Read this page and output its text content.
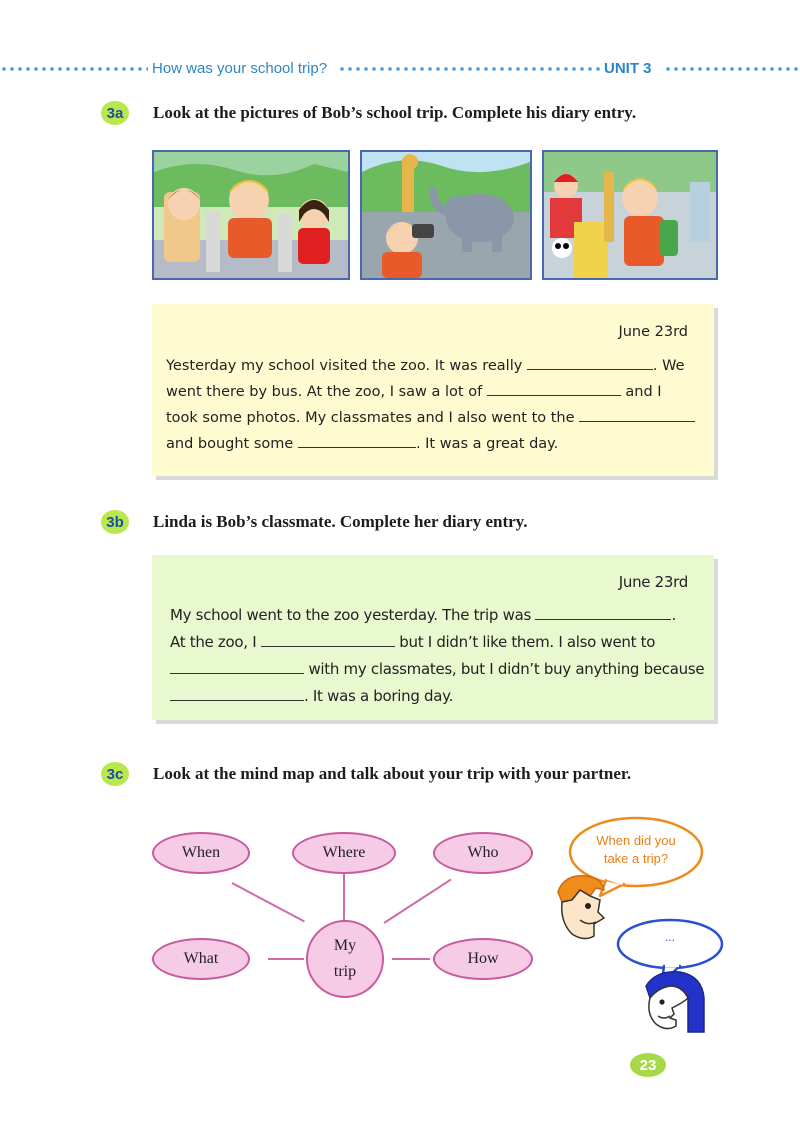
How was your school trip?	UNIT 3
3a	Look at the pictures of Bob’s school trip. Complete his diary entry.
June 23rd
Yesterday my school visited the zoo. It was really	. We
went there by bus. At the zoo, I saw a lot of	and I
took some photos. My classmates and I also went to the
and bought some	. It was a great day.
3b	Linda is Bob’s classmate. Complete her diary entry.
June 23rd
My school went to the zoo yesterday. The trip was	.
At the zoo, I	but I didn’t like them. I also went to
with my classmates, but I didn’t buy anything because
. It was a boring day.
3c	Look at the mind map and talk about your trip with your partner.
When	Where	Who
What	How
My
trip
When did you take a trip?
...
23
